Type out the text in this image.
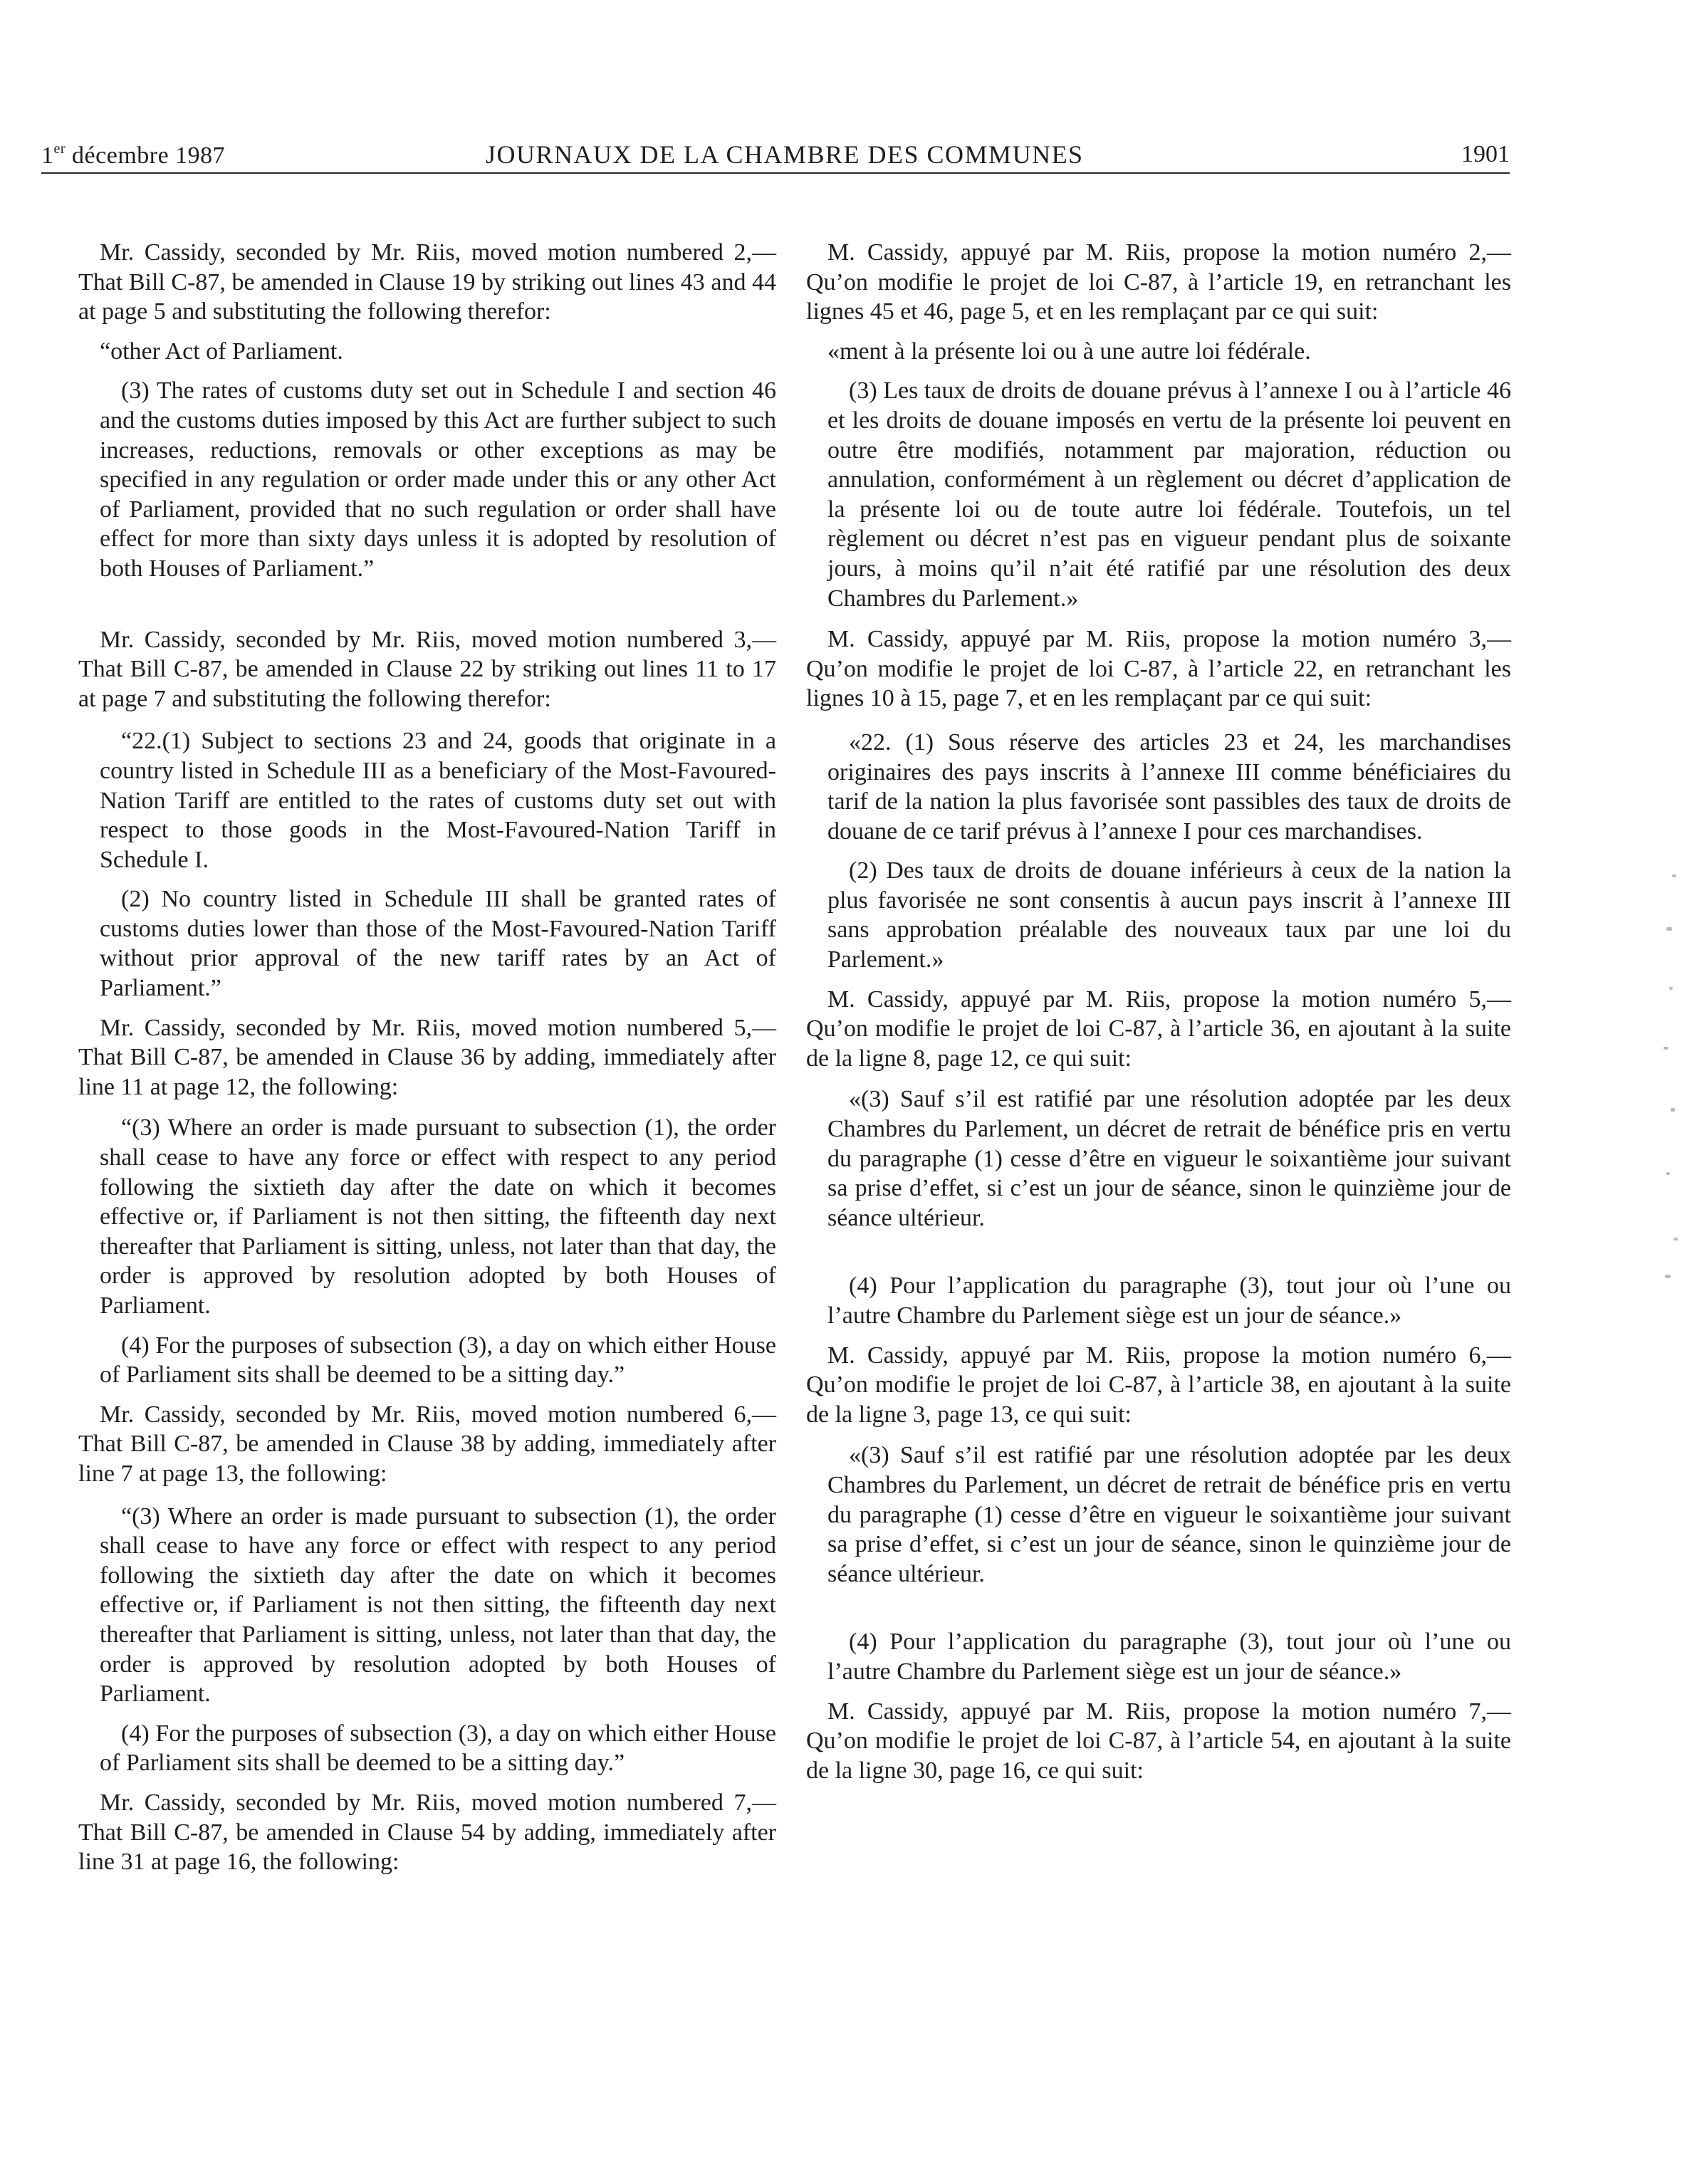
1er décembre 1987	JOURNAUX DE LA CHAMBRE DES COMMUNES	1901

Mr. Cassidy, seconded by Mr. Riis, moved motion numbered 2,—That Bill C-87, be amended in Clause 19 by striking out lines 43 and 44 at page 5 and substituting the following therefor:

“other Act of Parliament.

(3) The rates of customs duty set out in Schedule I and section 46 and the customs duties imposed by this Act are further subject to such increases, reductions, removals or other exceptions as may be specified in any regulation or order made under this or any other Act of Parliament, provided that no such regulation or order shall have effect for more than sixty days unless it is adopted by resolution of both Houses of Parliament.”

Mr. Cassidy, seconded by Mr. Riis, moved motion numbered 3,—That Bill C-87, be amended in Clause 22 by striking out lines 11 to 17 at page 7 and substituting the following therefor:

“22.(1) Subject to sections 23 and 24, goods that originate in a country listed in Schedule III as a beneficiary of the Most-Favoured-Nation Tariff are entitled to the rates of customs duty set out with respect to those goods in the Most-Favoured-Nation Tariff in Schedule I.

(2) No country listed in Schedule III shall be granted rates of customs duties lower than those of the Most-Favoured-Nation Tariff without prior approval of the new tariff rates by an Act of Parliament.”

Mr. Cassidy, seconded by Mr. Riis, moved motion numbered 5,—That Bill C-87, be amended in Clause 36 by adding, immediately after line 11 at page 12, the following:

“(3) Where an order is made pursuant to subsection (1), the order shall cease to have any force or effect with respect to any period following the sixtieth day after the date on which it becomes effective or, if Parliament is not then sitting, the fifteenth day next thereafter that Parliament is sitting, unless, not later than that day, the order is approved by resolution adopted by both Houses of Parliament.

(4) For the purposes of subsection (3), a day on which either House of Parliament sits shall be deemed to be a sitting day.”

Mr. Cassidy, seconded by Mr. Riis, moved motion numbered 6,—That Bill C-87, be amended in Clause 38 by adding, immediately after line 7 at page 13, the following:

“(3) Where an order is made pursuant to subsection (1), the order shall cease to have any force or effect with respect to any period following the sixtieth day after the date on which it becomes effective or, if Parliament is not then sitting, the fifteenth day next thereafter that Parliament is sitting, unless, not later than that day, the order is approved by resolution adopted by both Houses of Parliament.

(4) For the purposes of subsection (3), a day on which either House of Parliament sits shall be deemed to be a sitting day.”

Mr. Cassidy, seconded by Mr. Riis, moved motion numbered 7,—That Bill C-87, be amended in Clause 54 by adding, immediately after line 31 at page 16, the following:

M. Cassidy, appuyé par M. Riis, propose la motion numéro 2,—Qu’on modifie le projet de loi C-87, à l’article 19, en retranchant les lignes 45 et 46, page 5, et en les remplaçant par ce qui suit:

«ment à la présente loi ou à une autre loi fédérale.

(3) Les taux de droits de douane prévus à l’annexe I ou à l’article 46 et les droits de douane imposés en vertu de la présente loi peuvent en outre être modifiés, notamment par majoration, réduction ou annulation, conformément à un règlement ou décret d’application de la présente loi ou de toute autre loi fédérale. Toutefois, un tel règlement ou décret n’est pas en vigueur pendant plus de soixante jours, à moins qu’il n’ait été ratifié par une résolution des deux Chambres du Parlement.»

M. Cassidy, appuyé par M. Riis, propose la motion numéro 3,—Qu’on modifie le projet de loi C-87, à l’article 22, en retranchant les lignes 10 à 15, page 7, et en les remplaçant par ce qui suit:

«22. (1) Sous réserve des articles 23 et 24, les marchandises originaires des pays inscrits à l’annexe III comme bénéficiaires du tarif de la nation la plus favorisée sont passibles des taux de droits de douane de ce tarif prévus à l’annexe I pour ces marchandises.

(2) Des taux de droits de douane inférieurs à ceux de la nation la plus favorisée ne sont consentis à aucun pays inscrit à l’annexe III sans approbation préalable des nouveaux taux par une loi du Parlement.»

M. Cassidy, appuyé par M. Riis, propose la motion numéro 5,—Qu’on modifie le projet de loi C-87, à l’article 36, en ajoutant à la suite de la ligne 8, page 12, ce qui suit:

«(3) Sauf s’il est ratifié par une résolution adoptée par les deux Chambres du Parlement, un décret de retrait de bénéfice pris en vertu du paragraphe (1) cesse d’être en vigueur le soixantième jour suivant sa prise d’effet, si c’est un jour de séance, sinon le quinzième jour de séance ultérieur.

(4) Pour l’application du paragraphe (3), tout jour où l’une ou l’autre Chambre du Parlement siège est un jour de séance.»

M. Cassidy, appuyé par M. Riis, propose la motion numéro 6,—Qu’on modifie le projet de loi C-87, à l’article 38, en ajoutant à la suite de la ligne 3, page 13, ce qui suit:

«(3) Sauf s’il est ratifié par une résolution adoptée par les deux Chambres du Parlement, un décret de retrait de bénéfice pris en vertu du paragraphe (1) cesse d’être en vigueur le soixantième jour suivant sa prise d’effet, si c’est un jour de séance, sinon le quinzième jour de séance ultérieur.

(4) Pour l’application du paragraphe (3), tout jour où l’une ou l’autre Chambre du Parlement siège est un jour de séance.»

M. Cassidy, appuyé par M. Riis, propose la motion numéro 7,—Qu’on modifie le projet de loi C-87, à l’article 54, en ajoutant à la suite de la ligne 30, page 16, ce qui suit:
